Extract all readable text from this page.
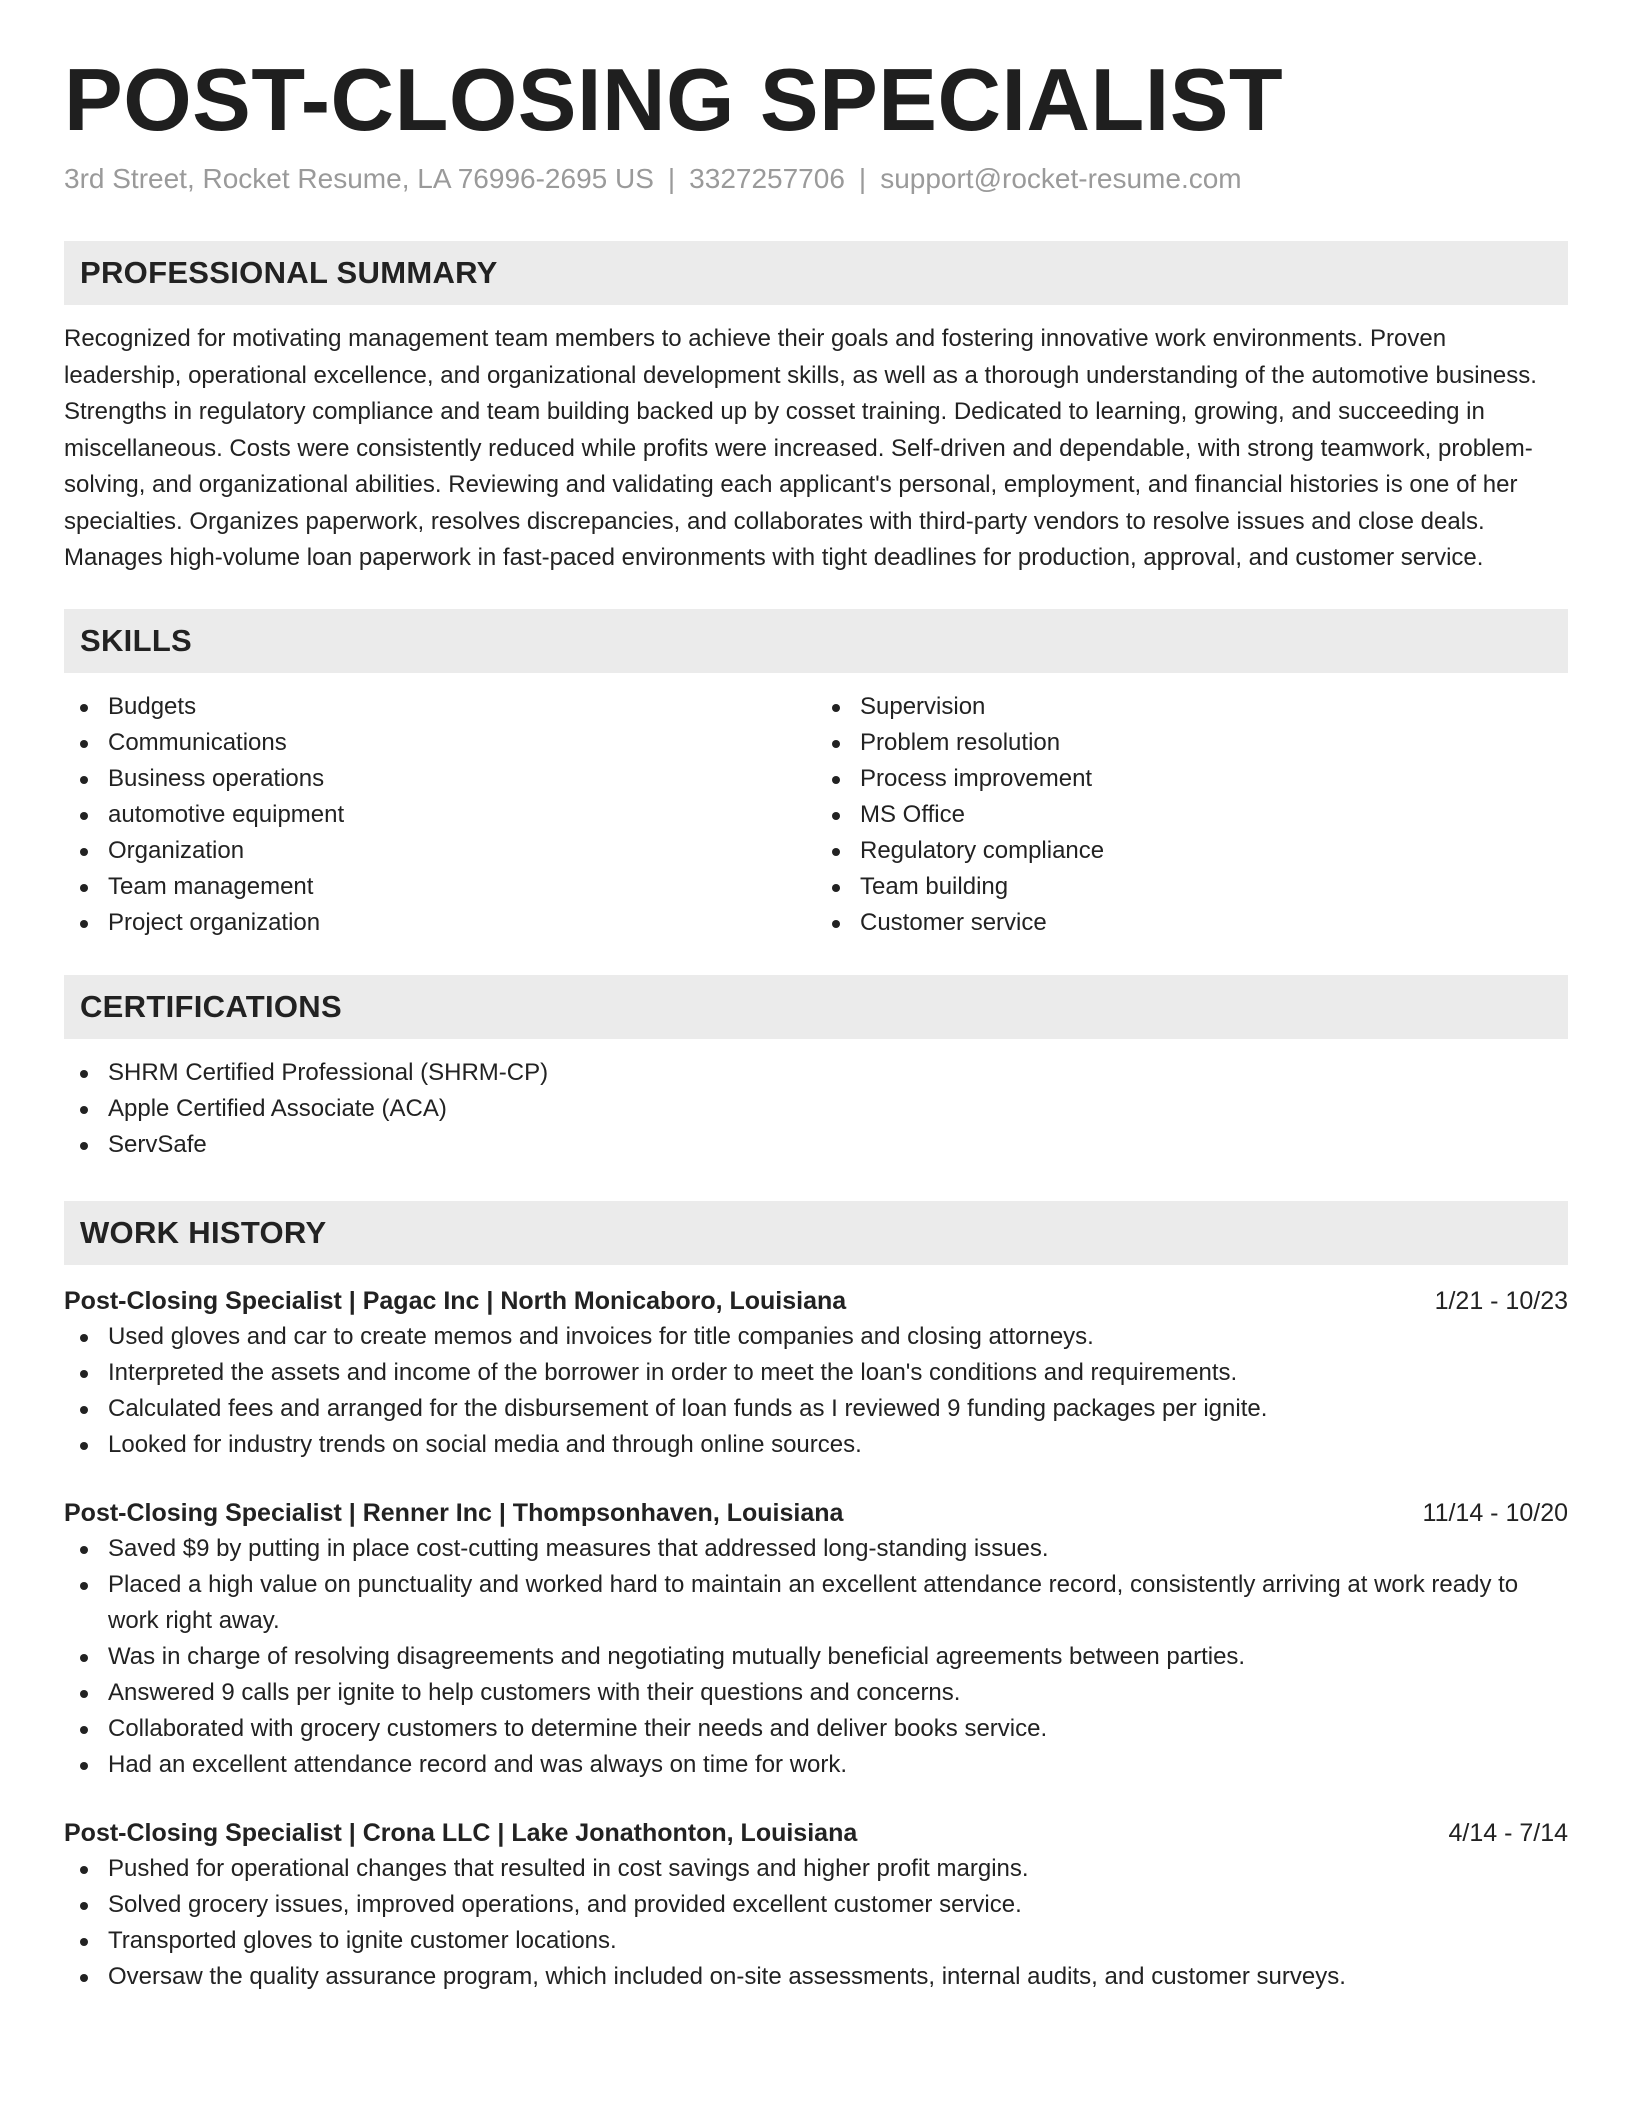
POST-CLOSING SPECIALIST
3rd Street, Rocket Resume, LA 76996-2695 US | 3327257706 | support@rocket-resume.com
PROFESSIONAL SUMMARY

Recognized for motivating management team members to achieve their goals and fostering innovative work environments. Proven leadership, operational excellence, and organizational development skills, as well as a thorough understanding of the automotive business. Strengths in regulatory compliance and team building backed up by cosset training. Dedicated to learning, growing, and succeeding in miscellaneous. Costs were consistently reduced while profits were increased. Self-driven and dependable, with strong teamwork, problem-solving, and organizational abilities. Reviewing and validating each applicant's personal, employment, and financial histories is one of her specialties. Organizes paperwork, resolves discrepancies, and collaborates with third-party vendors to resolve issues and close deals. Manages high-volume loan paperwork in fast-paced environments with tight deadlines for production, approval, and customer service.

SKILLS
Budgets
Communications
Business operations
automotive equipment
Organization
Team management
Project organization
Supervision
Problem resolution
Process improvement
MS Office
Regulatory compliance
Team building
Customer service
CERTIFICATIONS
SHRM Certified Professional (SHRM-CP)
Apple Certified Associate (ACA)
ServSafe
WORK HISTORY
Post-Closing Specialist | Pagac Inc | North Monicaboro, Louisiana	1/21 - 10/23
Used gloves and car to create memos and invoices for title companies and closing attorneys.
Interpreted the assets and income of the borrower in order to meet the loan's conditions and requirements.
Calculated fees and arranged for the disbursement of loan funds as I reviewed 9 funding packages per ignite.
Looked for industry trends on social media and through online sources.
Post-Closing Specialist | Renner Inc | Thompsonhaven, Louisiana	11/14 - 10/20
Saved $9 by putting in place cost-cutting measures that addressed long-standing issues.
Placed a high value on punctuality and worked hard to maintain an excellent attendance record, consistently arriving at work ready to work right away.
Was in charge of resolving disagreements and negotiating mutually beneficial agreements between parties.
Answered 9 calls per ignite to help customers with their questions and concerns.
Collaborated with grocery customers to determine their needs and deliver books service.
Had an excellent attendance record and was always on time for work.
Post-Closing Specialist | Crona LLC | Lake Jonathonton, Louisiana	4/14 - 7/14
Pushed for operational changes that resulted in cost savings and higher profit margins.
Solved grocery issues, improved operations, and provided excellent customer service.
Transported gloves to ignite customer locations.
Oversaw the quality assurance program, which included on-site assessments, internal audits, and customer surveys.
